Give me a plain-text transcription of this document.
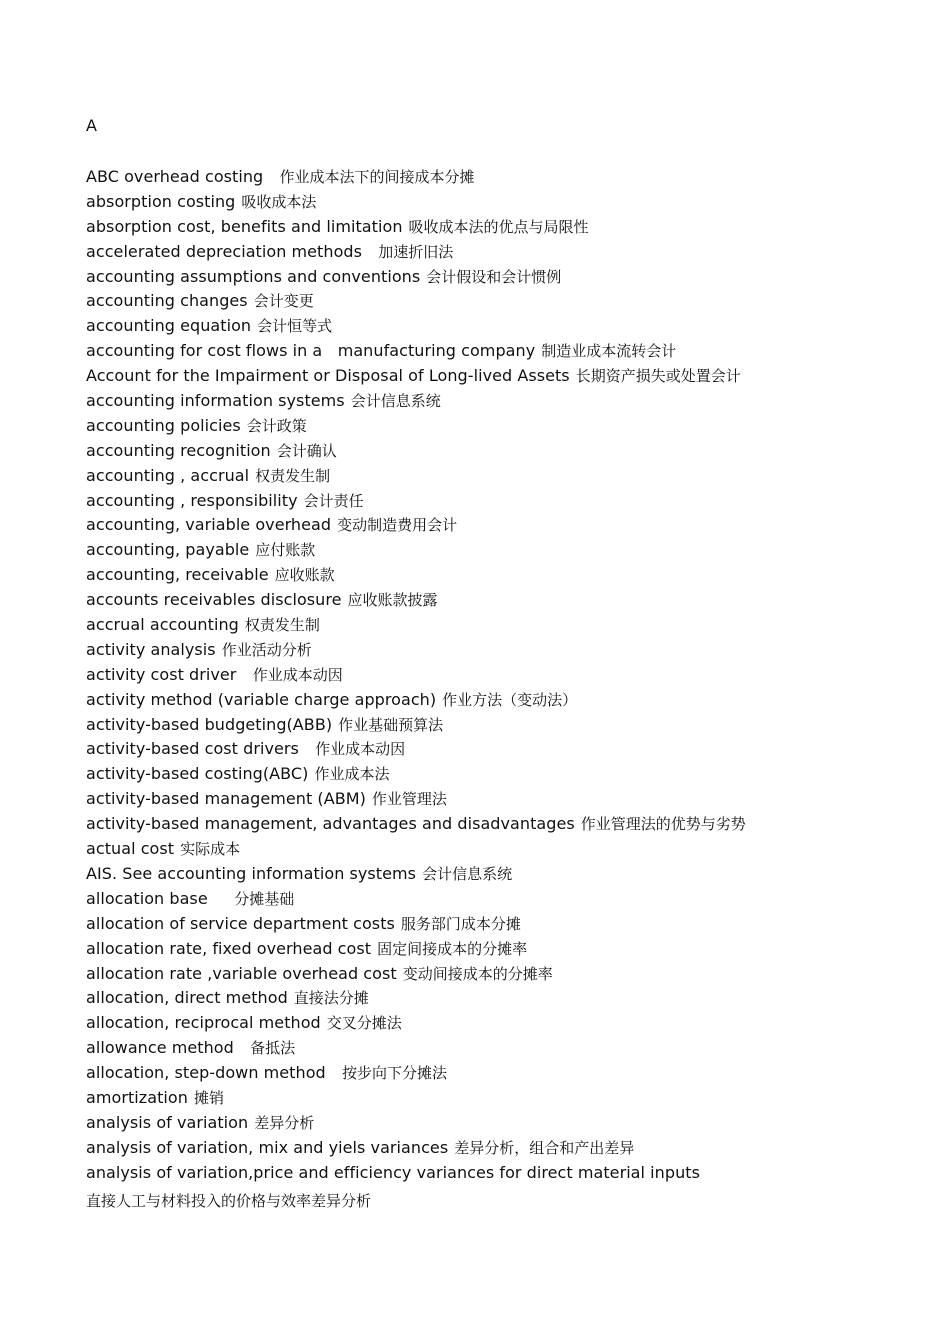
A
ABC overhead costing  作业成本法下的间接成本分摊
absorption costing 吸收成本法
absorption cost, benefits and limitation 吸收成本法的优点与局限性
accelerated depreciation methods  加速折旧法
accounting assumptions and conventions 会计假设和会计惯例
accounting changes 会计变更
accounting equation 会计恒等式
accounting for cost flows in a   manufacturing company 制造业成本流转会计
Account for the Impairment or Disposal of Long-lived Assets 长期资产损失或处置会计
accounting information systems 会计信息系统
accounting policies 会计政策
accounting recognition 会计确认
accounting , accrual 权责发生制
accounting , responsibility 会计责任
accounting, variable overhead 变动制造费用会计
accounting, payable 应付账款
accounting, receivable 应收账款
accounts receivables disclosure 应收账款披露
accrual accounting 权责发生制
activity analysis 作业活动分析
activity cost driver  作业成本动因
activity method (variable charge approach) 作业方法（变动法）
activity-based budgeting(ABB) 作业基础预算法
activity-based cost drivers  作业成本动因
activity-based costing(ABC) 作业成本法
activity-based management (ABM) 作业管理法
activity-based management, advantages and disadvantages 作业管理法的优势与劣势
actual cost 实际成本
AIS. See accounting information systems 会计信息系统
allocation base    分摊基础
allocation of service department costs 服务部门成本分摊
allocation rate, fixed overhead cost 固定间接成本的分摊率
allocation rate ,variable overhead cost 变动间接成本的分摊率
allocation, direct method 直接法分摊
allocation, reciprocal method 交叉分摊法
allowance method  备抵法
allocation, step-down method  按步向下分摊法
amortization 摊销
analysis of variation 差异分析
analysis of variation, mix and yiels variances 差异分析，组合和产出差异
analysis of variation,price and efficiency variances for direct material inputs
直接人工与材料投入的价格与效率差异分析
